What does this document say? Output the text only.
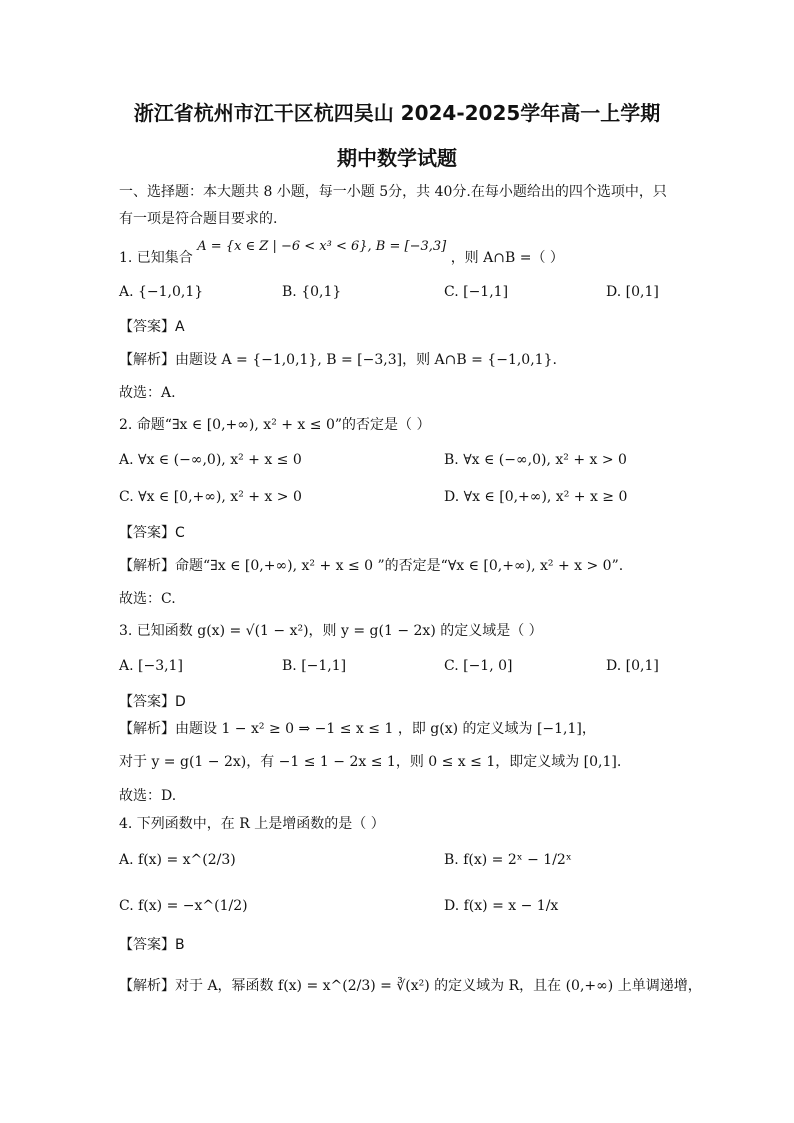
浙江省杭州市江干区杭四吴山 2024-2025学年高一上学期
期中数学试题
一、选择题：本大题共 8 小题，每一小题 5分，共 40分.在每小题给出的四个选项中，只
有一项是符合题目要求的.
1. 已知集合 A = {x ∈ Z | −6 < x³ < 6}, B = [−3,3] ，则 A∩B =（ ）
A. {−1,0,1}	B. {0,1}	C. [−1,1]	D. [0,1]
【答案】A
【解析】由题设 A = {−1,0,1}, B = [−3,3]，则 A∩B = {−1,0,1}.
故选：A.
2. 命题“∃x ∈ [0,+∞), x² + x ≤ 0”的否定是（ ）
A. ∀x ∈ (−∞,0), x² + x ≤ 0	B. ∀x ∈ (−∞,0), x² + x > 0
C. ∀x ∈ [0,+∞), x² + x > 0	D. ∀x ∈ [0,+∞), x² + x ≥ 0
【答案】C
【解析】命题“∃x ∈ [0,+∞), x² + x ≤ 0 ”的否定是“∀x ∈ [0,+∞), x² + x > 0”.
故选：C.
3. 已知函数 g(x) = √(1 − x²)，则 y = g(1 − 2x) 的定义域是（ ）
A. [−3,1]	B. [−1,1]	C. [−1, 0]	D. [0,1]
【答案】D
【解析】由题设 1 − x² ≥ 0 ⇒ −1 ≤ x ≤ 1 ，即 g(x) 的定义域为 [−1,1]，
对于 y = g(1 − 2x)，有 −1 ≤ 1 − 2x ≤ 1，则 0 ≤ x ≤ 1，即定义域为 [0,1].
故选：D.
4. 下列函数中，在 R 上是增函数的是（ ）
A. f(x) = x^(2/3)	B. f(x) = 2ˣ − 1/2ˣ
C. f(x) = −x^(1/2)	D. f(x) = x − 1/x
【答案】B
【解析】对于 A，幂函数 f(x) = x^(2/3) = ∛(x²) 的定义域为 R，且在 (0,+∞) 上单调递增，
